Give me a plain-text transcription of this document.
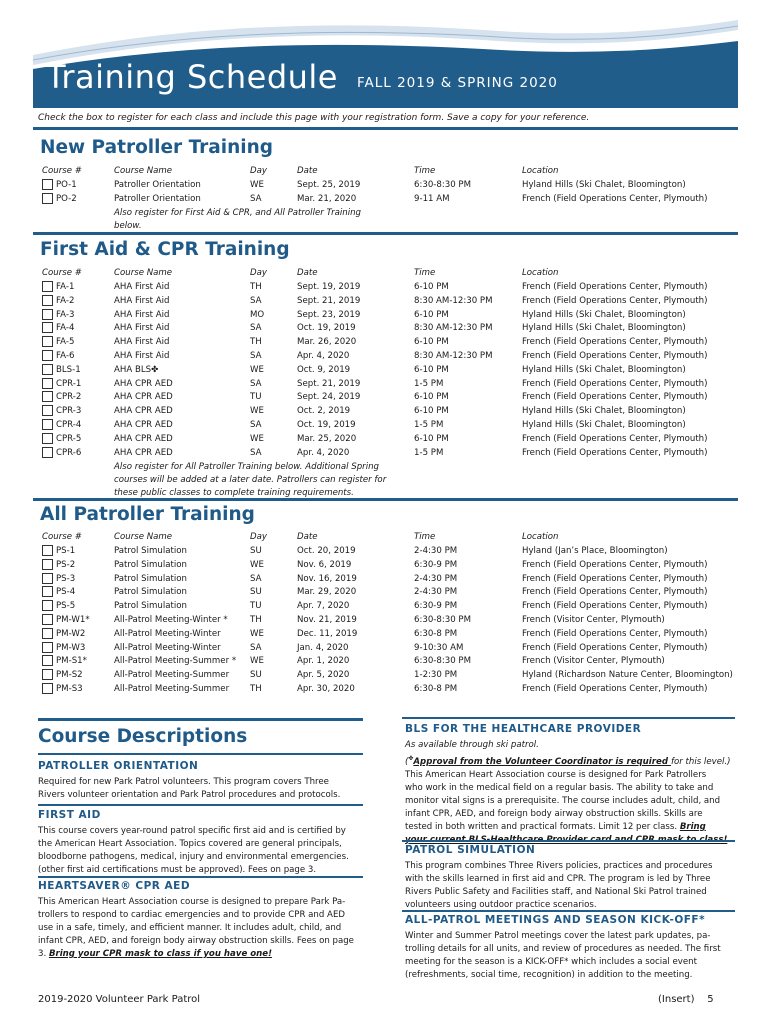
Training Schedule FALL 2019 & SPRING 2020
Check the box to register for each class and include this page with your registration form. Save a copy for your reference.
New Patroller Training
Course #	Course Name	Day	Date	Time	Location
PO-1	Patroller Orientation	WE	Sept. 25, 2019	6:30-8:30 PM	Hyland Hills (Ski Chalet, Bloomington)
PO-2	Patroller Orientation	SA	Mar. 21, 2020	9-11 AM	French (Field Operations Center, Plymouth)
Also register for First Aid & CPR, and All Patroller Training
below.
First Aid & CPR Training
Course #	Course Name	Day	Date	Time	Location
FA-1	AHA First Aid	TH	Sept. 19, 2019	6-10 PM	French (Field Operations Center, Plymouth)
FA-2	AHA First Aid	SA	Sept. 21, 2019	8:30 AM-12:30 PM	French (Field Operations Center, Plymouth)
FA-3	AHA First Aid	MO	Sept. 23, 2019	6-10 PM	Hyland Hills (Ski Chalet, Bloomington)
FA-4	AHA First Aid	SA	Oct. 19, 2019	8:30 AM-12:30 PM	Hyland Hills (Ski Chalet, Bloomington)
FA-5	AHA First Aid	TH	Mar. 26, 2020	6-10 PM	French (Field Operations Center, Plymouth)
FA-6	AHA First Aid	SA	Apr. 4, 2020	8:30 AM-12:30 PM	French (Field Operations Center, Plymouth)
BLS-1	AHA BLS✤	WE	Oct. 9, 2019	6-10 PM	Hyland Hills (Ski Chalet, Bloomington)
CPR-1	AHA CPR AED	SA	Sept. 21, 2019	1-5 PM	French (Field Operations Center, Plymouth)
CPR-2	AHA CPR AED	TU	Sept. 24, 2019	6-10 PM	French (Field Operations Center, Plymouth)
CPR-3	AHA CPR AED	WE	Oct. 2, 2019	6-10 PM	Hyland Hills (Ski Chalet, Bloomington)
CPR-4	AHA CPR AED	SA	Oct. 19, 2019	1-5 PM	Hyland Hills (Ski Chalet, Bloomington)
CPR-5	AHA CPR AED	WE	Mar. 25, 2020	6-10 PM	French (Field Operations Center, Plymouth)
CPR-6	AHA CPR AED	SA	Apr. 4, 2020	1-5 PM	French (Field Operations Center, Plymouth)
Also register for All Patroller Training below. Additional Spring
courses will be added at a later date. Patrollers can register for
these public classes to complete training requirements.
All Patroller Training
Course #	Course Name	Day	Date	Time	Location
PS-1	Patrol Simulation	SU	Oct. 20, 2019	2-4:30 PM	Hyland (Jan’s Place, Bloomington)
PS-2	Patrol Simulation	WE	Nov. 6, 2019	6:30-9 PM	French (Field Operations Center, Plymouth)
PS-3	Patrol Simulation	SA	Nov. 16, 2019	2-4:30 PM	French (Field Operations Center, Plymouth)
PS-4	Patrol Simulation	SU	Mar. 29, 2020	2-4:30 PM	French (Field Operations Center, Plymouth)
PS-5	Patrol Simulation	TU	Apr. 7, 2020	6:30-9 PM	French (Field Operations Center, Plymouth)
PM-W1*	All-Patrol Meeting-Winter *	TH	Nov. 21, 2019	6:30-8:30 PM	French (Visitor Center, Plymouth)
PM-W2	All-Patrol Meeting-Winter	WE	Dec. 11, 2019	6:30-8 PM	French (Field Operations Center, Plymouth)
PM-W3	All-Patrol Meeting-Winter	SA	Jan. 4, 2020	9-10:30 AM	French (Field Operations Center, Plymouth)
PM-S1*	All-Patrol Meeting-Summer * WE	Apr. 1, 2020	6:30-8:30 PM	French (Visitor Center, Plymouth)
PM-S2	All-Patrol Meeting-Summer SU	Apr. 5, 2020	1-2:30 PM	Hyland (Richardson Nature Center, Bloomington)
PM-S3	All-Patrol Meeting-Summer TH	Apr. 30, 2020	6:30-8 PM	French (Field Operations Center, Plymouth)
Course Descriptions
PATROLLER ORIENTATION
Required for new Park Patrol volunteers. This program covers Three
Rivers volunteer orientation and Park Patrol procedures and protocols.
FIRST AID
This course covers year-round patrol specific first aid and is certified by
the American Heart Association. Topics covered are general principals,
bloodborne pathogens, medical, injury and environmental emergencies.
(other first aid certifications must be approved). Fees on page 3.
HEARTSAVER® CPR AED
This American Heart Association course is designed to prepare Park Pa-
trollers to respond to cardiac emergencies and to provide CPR and AED
use in a safe, timely, and efficient manner. It includes adult, child, and
infant CPR, AED, and foreign body airway obstruction skills. Fees on page
3. Bring your CPR mask to class if you have one!
BLS FOR THE HEALTHCARE PROVIDER
As available through ski patrol.
(✤Approval from the Volunteer Coordinator is required for this level.)
This American Heart Association course is designed for Park Patrollers
who work in the medical field on a regular basis. The ability to take and
monitor vital signs is a prerequisite. The course includes adult, child, and
infant CPR, AED, and foreign body airway obstruction skills. Skills are
tested in both written and practical formats. Limit 12 per class. Bring
PATROL SIMULATION
This program combines Three Rivers policies, practices and procedures
with the skills learned in first aid and CPR. The program is led by Three
Rivers Public Safety and Facilities staff, and National Ski Patrol trained
volunteers using outdoor practice scenarios.
ALL-PATROL MEETINGS AND SEASON KICK-OFF*
Winter and Summer Patrol meetings cover the latest park updates, pa-
trolling details for all units, and review of procedures as needed. The first
meeting for the season is a KICK-OFF* which includes a social event
(refreshments, social time, recognition) in addition to the meeting.
2019-2020 Volunteer Park Patrol	(Insert)    5
